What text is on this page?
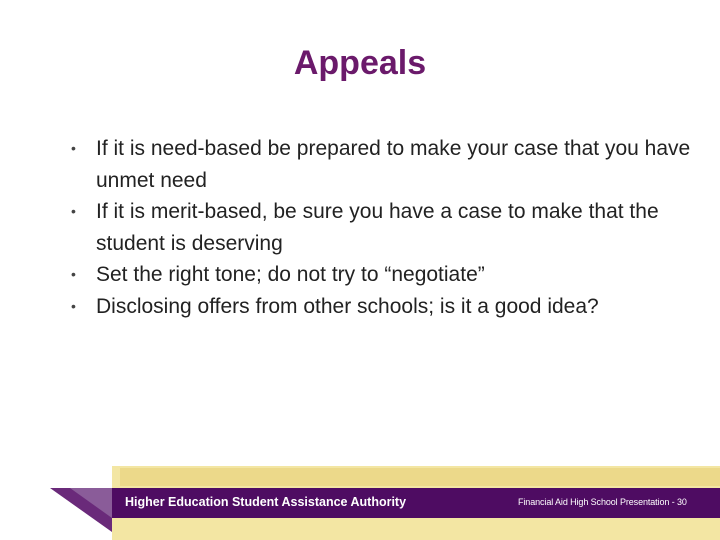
Appeals
• If it is need-based be prepared to make your case that you have unmet need
• If it is merit-based, be sure you have a case to make that the student is deserving
• Set the right tone; do not try to “negotiate”
• Disclosing offers from other schools; is it a good idea?
Higher Education Student Assistance Authority	Financial Aid High School Presentation - 30
